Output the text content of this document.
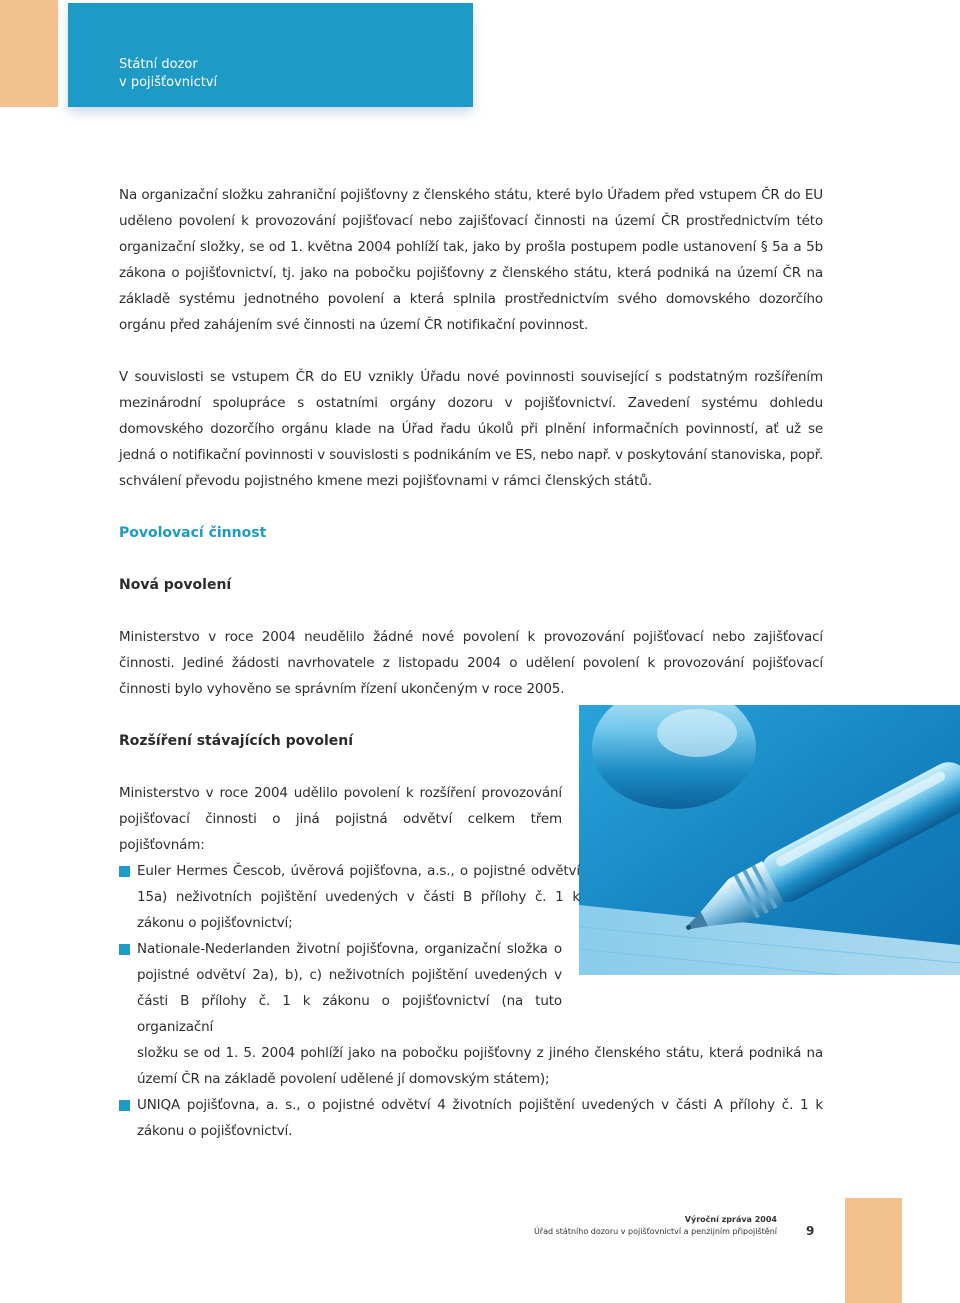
Státní dozor
v pojišťovnictví

Na organizační složku zahraniční pojišťovny z členského státu, které bylo Úřadem před vstupem ČR do EU uděleno povolení k provozování pojišťovací nebo zajišťovací činnosti na území ČR prostřednictvím této organizační složky, se od 1. května 2004 pohlíží tak, jako by prošla postupem podle ustanovení § 5a a 5b zákona o pojišťovnictví, tj. jako na pobočku pojišťovny z členského státu, která podniká na území ČR na základě systému jednotného povolení a která splnila prostřednictvím svého domovského dozorčího orgánu před zahájením své činnosti na území ČR notifikační povinnost.

V souvislosti se vstupem ČR do EU vznikly Úřadu nové povinnosti související s podstatným rozšířením mezinárodní spolupráce s ostatními orgány dozoru v pojišťovnictví. Zavedení systému dohledu domovského dozorčího orgánu klade na Úřad řadu úkolů při plnění informačních povinností, ať už se jedná o notifikační povinnosti v souvislosti s podnikáním ve ES, nebo např. v poskytování stanoviska, popř. schválení převodu pojistného kmene mezi pojišťovnami v rámci členských států.

Povolovací činnost

Nová povolení

Ministerstvo v roce 2004 neudělilo žádné nové povolení k provozování pojišťovací nebo zajišťovací činnosti. Jediné žádosti navrhovatele z listopadu 2004 o udělení povolení k provozování pojišťovací činnosti bylo vyhověno se správním řízení ukončeným v roce 2005.

Rozšíření stávajících povolení

Ministerstvo v roce 2004 udělilo povolení k rozšíření provozování pojišťovací činnosti o jiná pojistná odvětví celkem třem pojišťovnám:

Euler Hermes Čescob, úvěrová pojišťovna, a.s., o pojistné odvětví 15a) neživotních pojištění uvedených v části B přílohy č. 1 k zákonu o pojišťovnictví;
Nationale-Nederlanden životní pojišťovna, organizační složka o pojistné odvětví 2a), b), c) neživotních pojištění uvedených v části B přílohy č. 1 k zákonu o pojišťovnictví (na tuto organizační
složku se od 1. 5. 2004 pohlíží jako na pobočku pojišťovny z jiného členského státu, která podniká na území ČR na základě povolení udělené jí domovským státem);
UNIQA pojišťovna, a. s., o pojistné odvětví 4 životních pojištění uvedených v části A přílohy č. 1 k zákonu o pojišťovnictví.
Výroční zpráva 2004
Úřad státního dozoru v pojišťovnictví a penzijním připojištění 9
